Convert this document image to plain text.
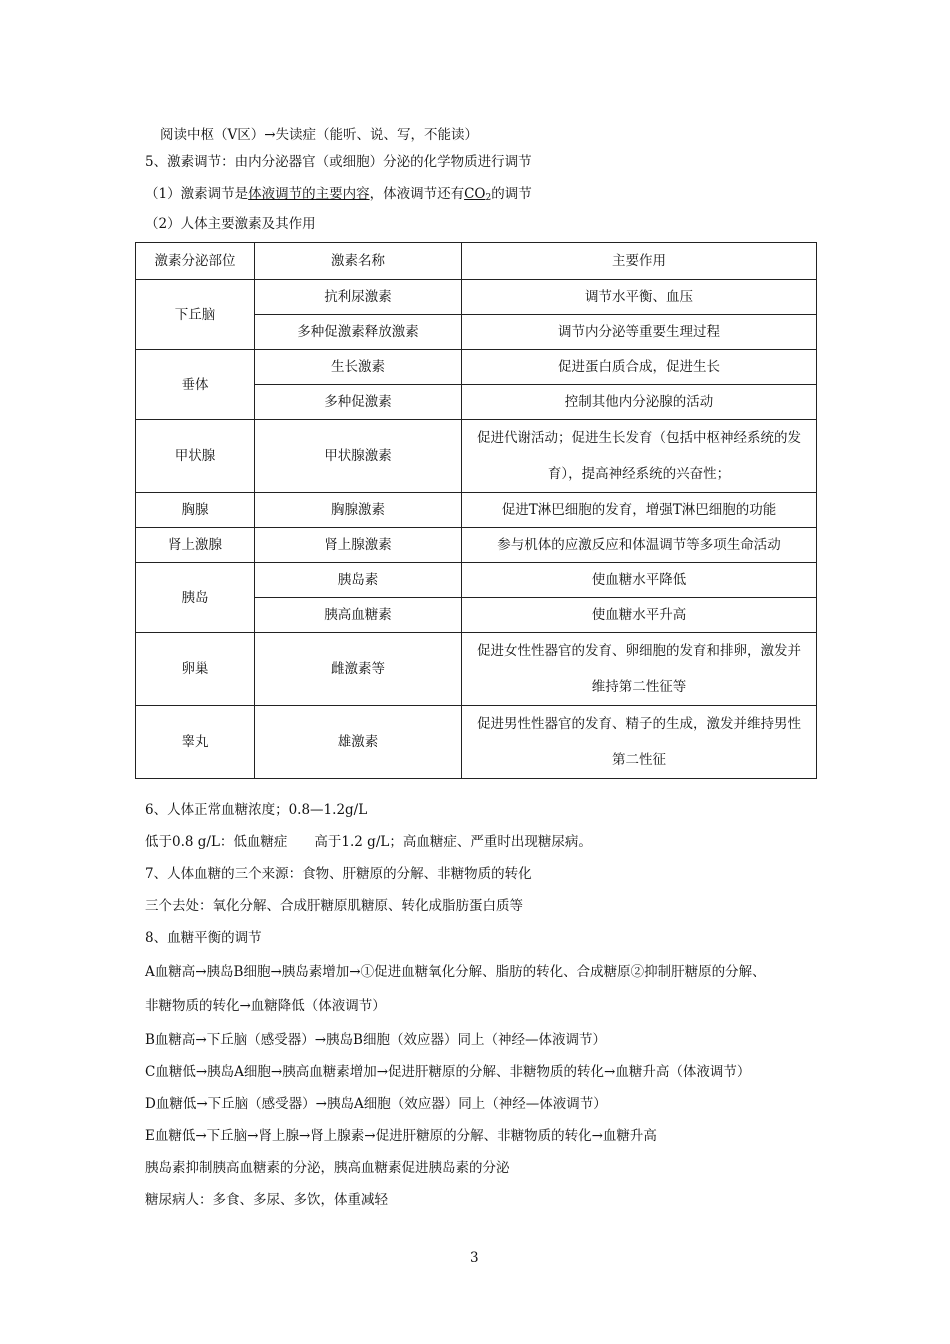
阅读中枢（V区）→失读症（能听、说、写，不能读）
5、激素调节：由内分泌器官（或细胞）分泌的化学物质进行调节
（1）激素调节是体液调节的主要内容，体液调节还有$CO_2$的调节
（2）人体主要激素及其作用
激素分泌部位	激素名称	主要作用
下丘脑	抗利尿激素	调节水平衡、血压
	多种促激素释放激素	调节内分泌等重要生理过程
垂体	生长激素	促进蛋白质合成，促进生长
	多种促激素	控制其他内分泌腺的活动
甲状腺	甲状腺激素	促进代谢活动；促进生长发育（包括中枢神经系统的发
育），提高神经系统的兴奋性；

胸腺	胸腺激素	促进T淋巴细胞的发育，增强T淋巴细胞的功能
肾上激腺	肾上腺激素	参与机体的应激反应和体温调节等多项生命活动
胰岛	胰岛素	使血糖水平降低
	胰高血糖素	使血糖水平升高
卵巢	雌激素等	促进女性性器官的发育、卵细胞的发育和排卵，激发并
维持第二性征等

睾丸	雄激素	促进男性性器官的发育、精子的生成，激发并维持男性
第二性征
6、人体正常血糖浓度；0.8—1.2g/L
低于0.8 g/L：低血糖症　　高于1.2 g/L；高血糖症、严重时出现糖尿病。
7、人体血糖的三个来源：食物、肝糖原的分解、非糖物质的转化
三个去处：氧化分解、合成肝糖原肌糖原、转化成脂肪蛋白质等
8、血糖平衡的调节
A血糖高→胰岛B细胞→胰岛素增加→①促进血糖氧化分解、脂肪的转化、合成糖原②抑制肝糖原的分解、
非糖物质的转化→血糖降低（体液调节）
B血糖高→下丘脑（感受器）→胰岛B细胞（效应器）同上（神经—体液调节）
C血糖低→胰岛A细胞→胰高血糖素增加→促进肝糖原的分解、非糖物质的转化→血糖升高（体液调节）
D血糖低→下丘脑（感受器）→胰岛A细胞（效应器）同上（神经—体液调节）
E血糖低→下丘脑→肾上腺→肾上腺素→促进肝糖原的分解、非糖物质的转化→血糖升高
胰岛素抑制胰高血糖素的分泌，胰高血糖素促进胰岛素的分泌
糖尿病人：多食、多尿、多饮，体重减轻
3
